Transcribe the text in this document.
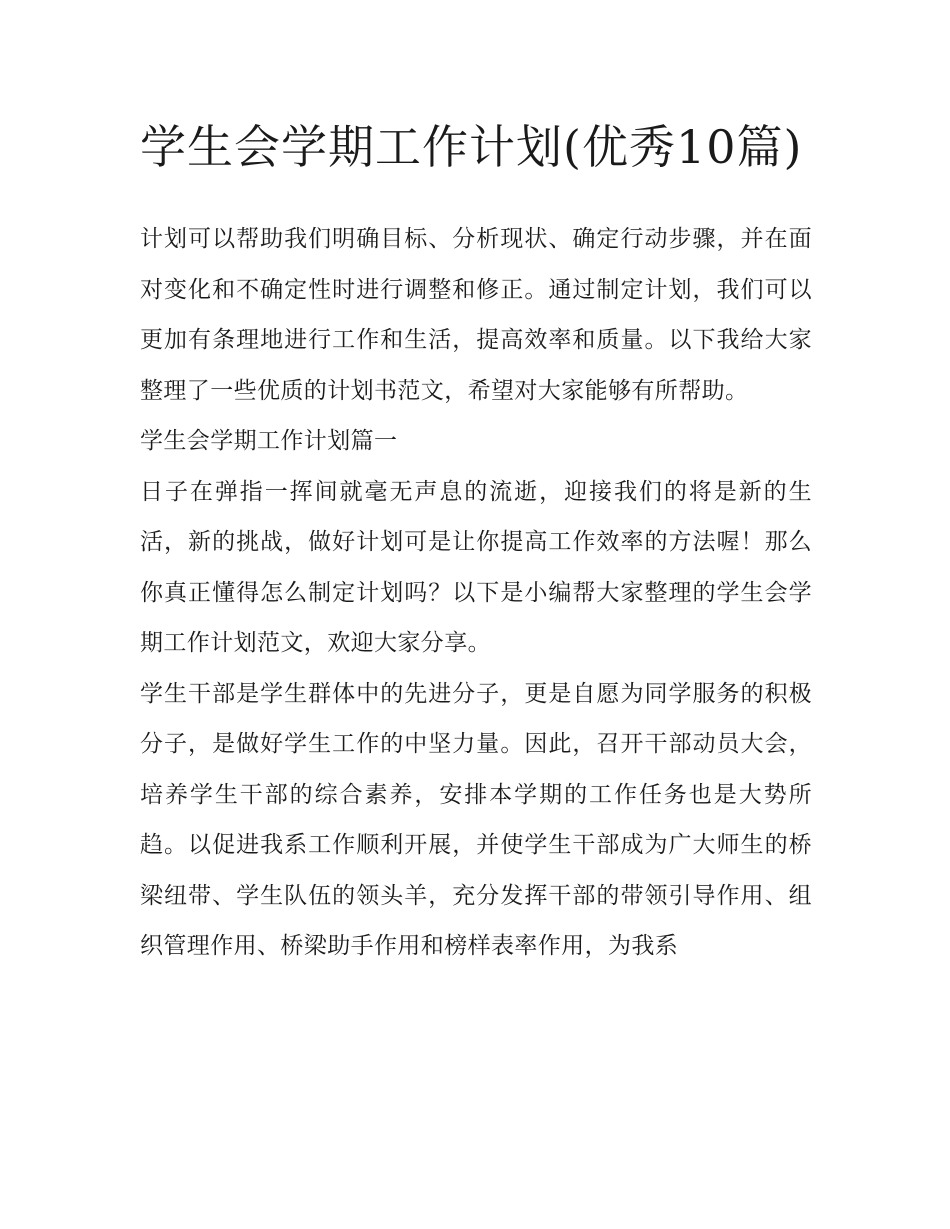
学生会学期工作计划(优秀10篇)

计划可以帮助我们明确目标、分析现状、确定行动步骤，并在面对变化和不确定性时进行调整和修正。通过制定计划，我们可以更加有条理地进行工作和生活，提高效率和质量。以下我给大家整理了一些优质的计划书范文，希望对大家能够有所帮助。

学生会学期工作计划篇一

日子在弹指一挥间就毫无声息的流逝，迎接我们的将是新的生活，新的挑战，做好计划可是让你提高工作效率的方法喔！那么你真正懂得怎么制定计划吗？以下是小编帮大家整理的学生会学期工作计划范文，欢迎大家分享。

学生干部是学生群体中的先进分子，更是自愿为同学服务的积极分子，是做好学生工作的中坚力量。因此，召开干部动员大会，培养学生干部的综合素养，安排本学期的工作任务也是大势所趋。以促进我系工作顺利开展，并使学生干部成为广大师生的桥梁纽带、学生队伍的领头羊，充分发挥干部的带领引导作用、组织管理作用、桥梁助手作用和榜样表率作用，为我系
